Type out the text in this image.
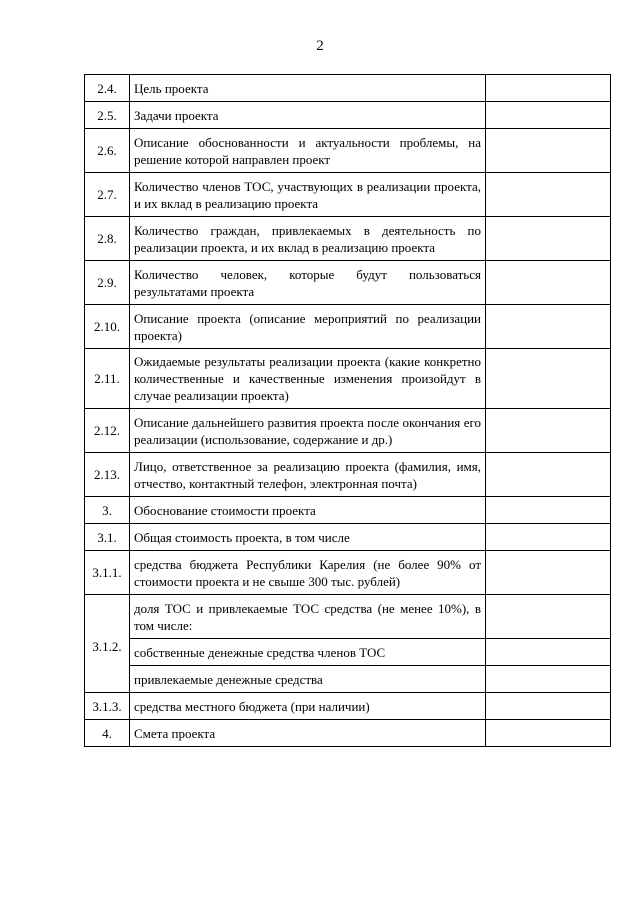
2
2.4.	Цель проекта	

2.5.	Задачи проекта	

2.6.	Описание обоснованности и актуальности проблемы, на решение которой направлен проект	

2.7.	Количество членов ТОС, участвующих в реализации проекта, и их вклад в реализацию проекта	

2.8.	Количество граждан, привлекаемых в деятельность по реализации проекта, и их вклад в реализацию проекта	

2.9.	Количество человек, которые будут пользоваться результатами проекта	

2.10.	Описание проекта (описание мероприятий по реализации проекта)	

2.11.	Ожидаемые результаты реализации проекта (какие конкретно количественные и качественные изменения произойдут в случае реализации проекта)	

2.12.	Описание дальнейшего развития проекта после окончания его реализации (использование, содержание и др.)	

2.13.	Лицо, ответственное за реализацию проекта (фамилия, имя, отчество, контактный телефон, электронная почта)	

3.	Обоснование стоимости проекта	

3.1.	Общая стоимость проекта, в том числе	

3.1.1.	средства бюджета Республики Карелия (не более 90% от стоимости проекта и не свыше 300 тыс. рублей)	

3.1.2.	доля ТОС и привлекаемые ТОС средства (не менее 10%), в том числе:	

	собственные денежные средства членов ТОС	

	привлекаемые денежные средства	

3.1.3.	средства местного бюджета (при наличии)	

4.	Смета проекта	
